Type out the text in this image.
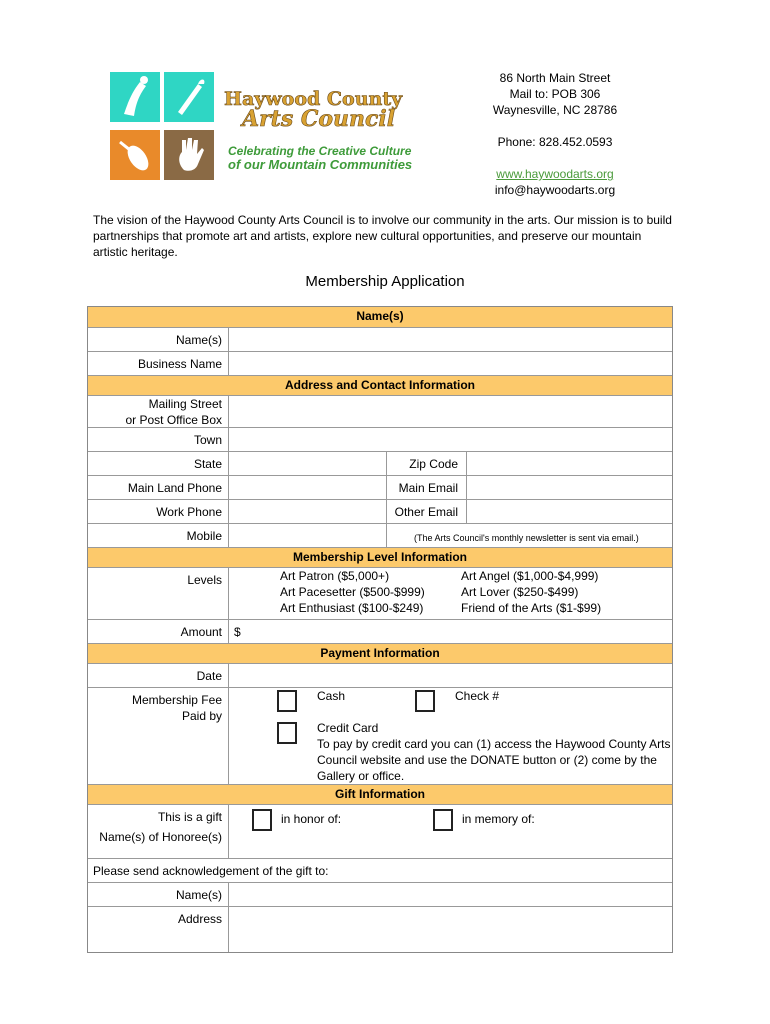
Haywood County
Arts Council
Celebrating the Creative Culture
of our Mountain Communities
86 North Main Street
Mail to: POB 306
Waynesville, NC 28786
Phone: 828.452.0593
www.haywoodarts.org
info@haywoodarts.org
The vision of the Haywood County Arts Council is to involve our community in the arts. Our mission is to build partnerships that promote art and artists, explore new cultural opportunities, and preserve our mountain artistic heritage.
Membership Application
Name(s)
Name(s)
Business Name
Address and Contact Information
Mailing Street
or Post Office Box
Town
State	Zip Code
Main Land Phone	Main Email
Work Phone	Other Email
Mobile	(The Arts Council's monthly newsletter is sent via email.)
Membership Level Information
Levels	Art Patron ($5,000+)	Art Angel ($1,000-$4,999)
Art Pacesetter ($500-$999)	Art Lover ($250-$499)
Art Enthusiast ($100-$249)	Friend of the Arts ($1-$99)
Amount $
Payment Information
Date
Membership Fee
Paid by
Cash	Check #
Credit Card
To pay by credit card you can (1) access the Haywood County Arts
Council website and use the DONATE button or (2) come by the
Gallery or office.
Gift Information
This is a gift
Name(s) of Honoree(s)
in honor of:	in memory of:
Please send acknowledgement of the gift to:
Name(s)
Address
